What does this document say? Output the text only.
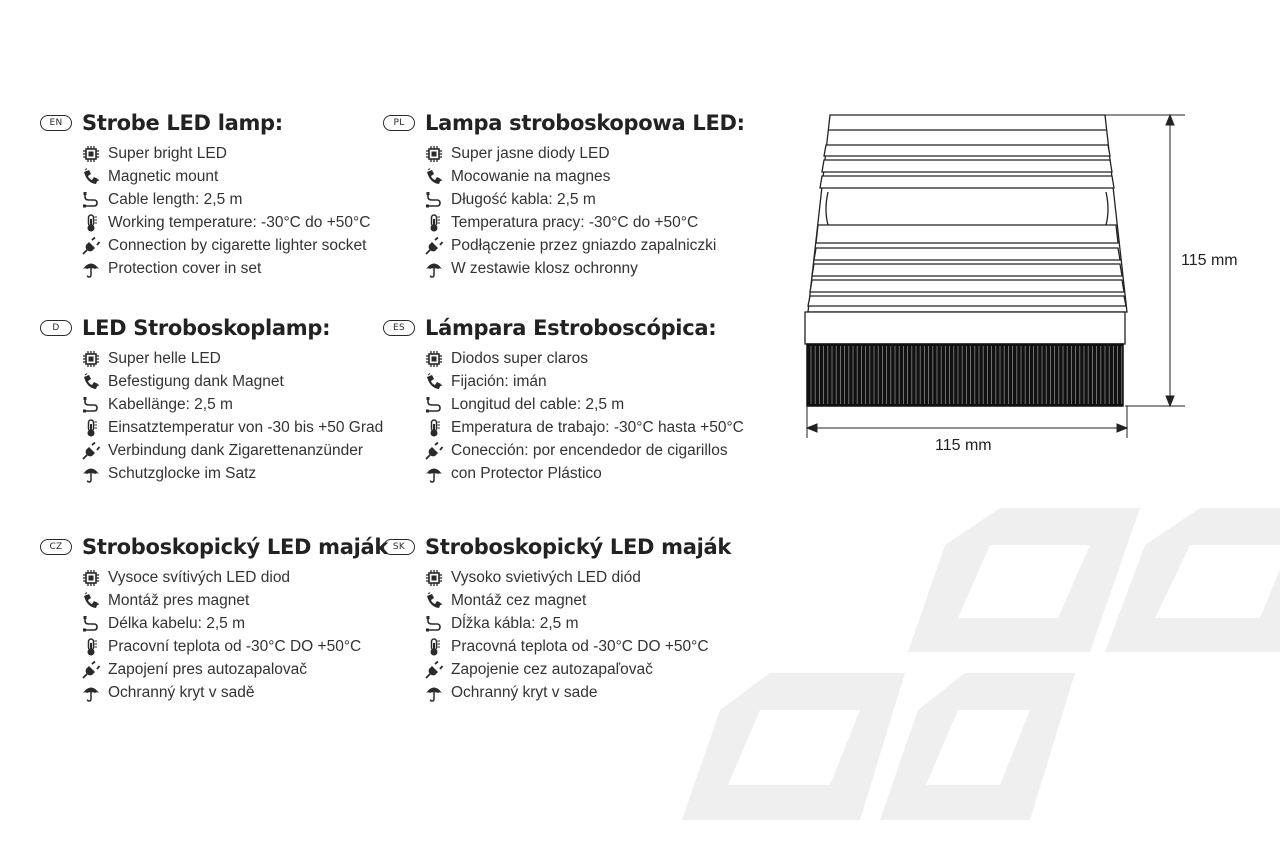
EN Strobe LED lamp:
Super bright LED
Magnetic mount
Cable length: 2,5 m
Working temperature: -30°C do +50°C
Connection by cigarette lighter socket
Protection cover in set
PL Lampa stroboskopowa LED:
Super jasne diody LED
Mocowanie na magnes
Długość kabla: 2,5 m
Temperatura pracy: -30°C do +50°C
Podłączenie przez gniazdo zapalniczki
W zestawie klosz ochronny
D	LED Stroboskoplamp:
Super helle LED
Befestigung dank Magnet
Kabellänge: 2,5 m
Einsatztemperatur von -30 bis +50 Grad
Verbindung dank Zigarettenanzünder
Schutzglocke im Satz
ES Lámpara Estroboscópica:
Diodos super claros
Fijación: imán
Longitud del cable: 2,5 m
Emperatura de trabajo: -30°C hasta +50°C
Conección: por encendedor de cigarillos
con Protector Plástico
CZ Stroboskopický LED maják
Vysoce svítivých LED diod
Montáž pres magnet
Délka kabelu: 2,5 m
Pracovní teplota od -30°C DO +50°C
Zapojení pres autozapalovač
Ochranný kryt v sadě
SK Stroboskopický LED maják
Vysoko svietivých LED diód
Montáž cez magnet
Dĺžka kábla: 2,5 m
Pracovná teplota od -30°C DO +50°C
Zapojenie cez autozapaľovač
Ochranný kryt v sade
115 mm
115 mm
